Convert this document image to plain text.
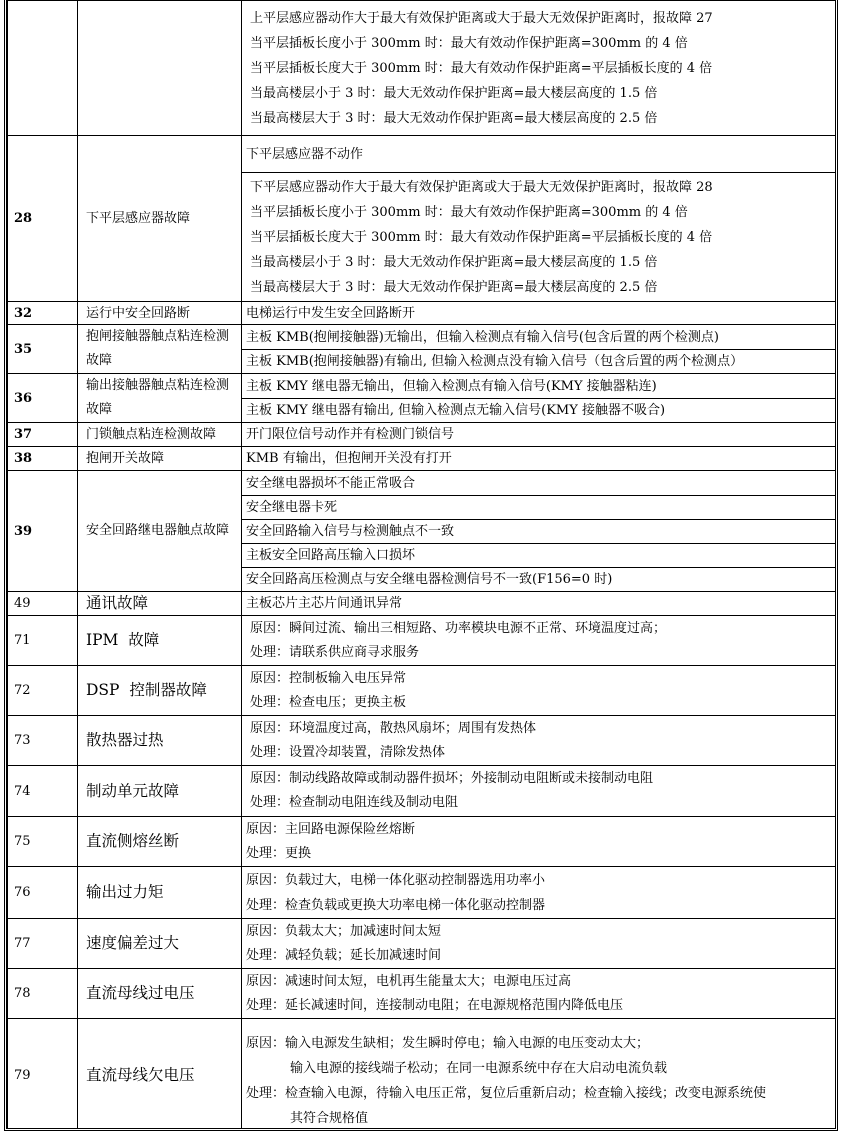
		上平层感应器动作大于最大有效保护距离或大于最大无效保护距离时，报故障 27
当平层插板长度小于 300mm 时：最大有效动作保护距离=300mm 的 4 倍
当平层插板长度大于 300mm 时：最大有效动作保护距离=平层插板长度的 4 倍
当最高楼层小于 3 时：最大无效动作保护距离=最大楼层高度的 1.5 倍
当最高楼层大于 3 时：最大无效动作保护距离=最大楼层高度的 2.5 倍

28	下平层感应器故障	下平层感应器不动作

		下平层感应器动作大于最大有效保护距离或大于最大无效保护距离时，报故障 28
当平层插板长度小于 300mm 时：最大有效动作保护距离=300mm 的 4 倍
当平层插板长度大于 300mm 时：最大有效动作保护距离=平层插板长度的 4 倍
当最高楼层小于 3 时：最大无效动作保护距离=最大楼层高度的 1.5 倍
当最高楼层大于 3 时：最大无效动作保护距离=最大楼层高度的 2.5 倍

32	运行中安全回路断	电梯运行中发生安全回路断开
35	抱闸接触器触点粘连检测故障	主板 KMB(抱闸接触器)无输出，但输入检测点有输入信号(包含后置的两个检测点)
		主板 KMB(抱闸接触器)有输出, 但输入检测点没有输入信号（包含后置的两个检测点）
36	输出接触器触点粘连检测故障	主板 KMY 继电器无输出，但输入检测点有输入信号(KMY 接触器粘连)
		主板 KMY 继电器有输出, 但输入检测点无输入信号(KMY 接触器不吸合)
37	门锁触点粘连检测故障	开门限位信号动作并有检测门锁信号
38	抱闸开关故障	KMB 有输出，但抱闸开关没有打开
39	安全回路继电器触点故障	安全继电器损坏不能正常吸合
		安全继电器卡死
		安全回路输入信号与检测触点不一致
		主板安全回路高压输入口损坏
		安全回路高压检测点与安全继电器检测信号不一致(F156=0 时)
49	通讯故障	主板芯片主芯片间通讯异常
71	IPM  故障	原因：瞬间过流、输出三相短路、功率模块电源不正常、环境温度过高；
处理：请联系供应商寻求服务

72	DSP  控制器故障	原因：控制板输入电压异常
处理：检查电压；更换主板

73	散热器过热	原因：环境温度过高，散热风扇坏；周围有发热体
处理：设置冷却装置，清除发热体

74	制动单元故障	原因：制动线路故障或制动器件损坏；外接制动电阻断或未接制动电阻
处理：检查制动电阻连线及制动电阻

75	直流侧熔丝断	原因：主回路电源保险丝熔断
处理：更换

76	输出过力矩	原因：负载过大，电梯一体化驱动控制器选用功率小
处理：检查负载或更换大功率电梯一体化驱动控制器

77	速度偏差过大	原因：负载太大；加减速时间太短
处理：减轻负载；延长加减速时间

78	直流母线过电压	原因：减速时间太短，电机再生能量太大；电源电压过高
处理：延长减速时间，连接制动电阻；在电源规格范围内降低电压

79	直流母线欠电压	原因：输入电源发生缺相；发生瞬时停电；输入电源的电压变动太大；
输入电源的接线端子松动；在同一电源系统中存在大启动电流负载
处理：检查输入电源，待输入电压正常，复位后重新启动；检查输入接线；改变电源系统使
其符合规格值
